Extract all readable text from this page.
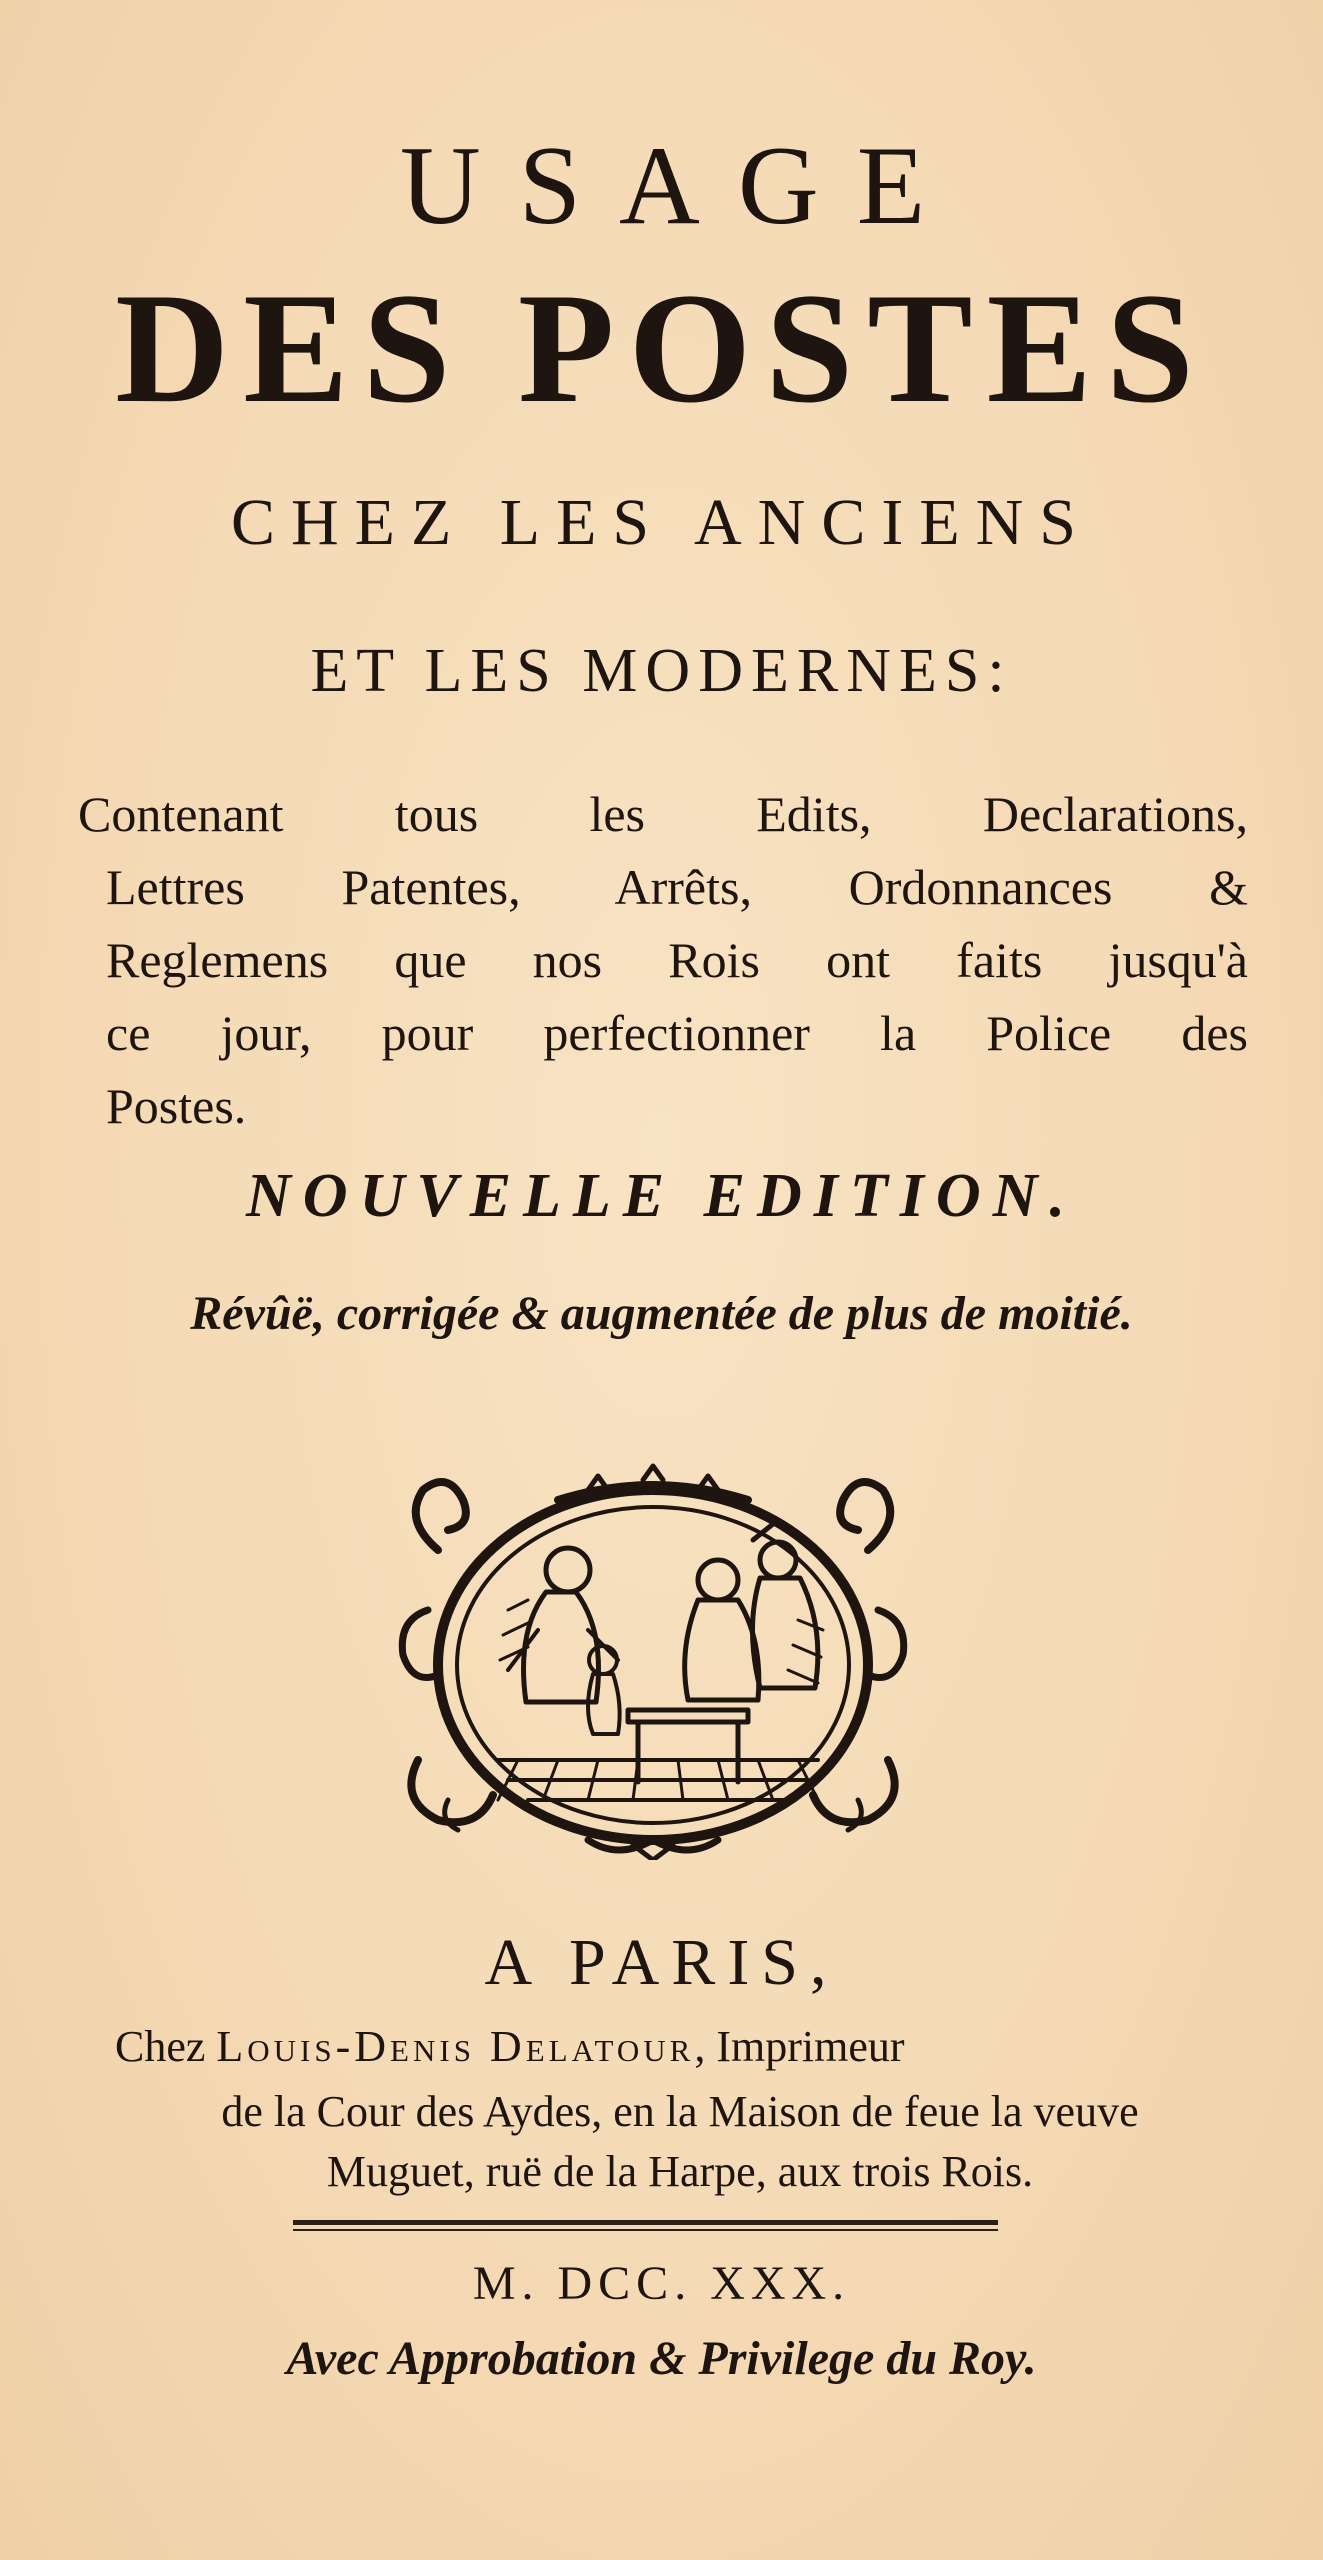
USAGE
DES POSTES
CHEZ LES ANCIENS
ET LES MODERNES:
Contenant tous les Edits, Declarations,
Lettres Patentes, Arrêts, Ordonnances &
Reglemens que nos Rois ont faits jusqu'à
ce jour, pour perfectionner la Police des
Postes.
NOUVELLE EDITION.
Révûë, corrigée & augmentée de plus de moitié.
A PARIS,
Chez Louis-Denis Delatour, Imprimeur
de la Cour des Aydes, en la Maison de feue la veuve
Muguet, ruë de la Harpe, aux trois Rois.
M. DCC. XXX.
Avec Approbation & Privilege du Roy.
